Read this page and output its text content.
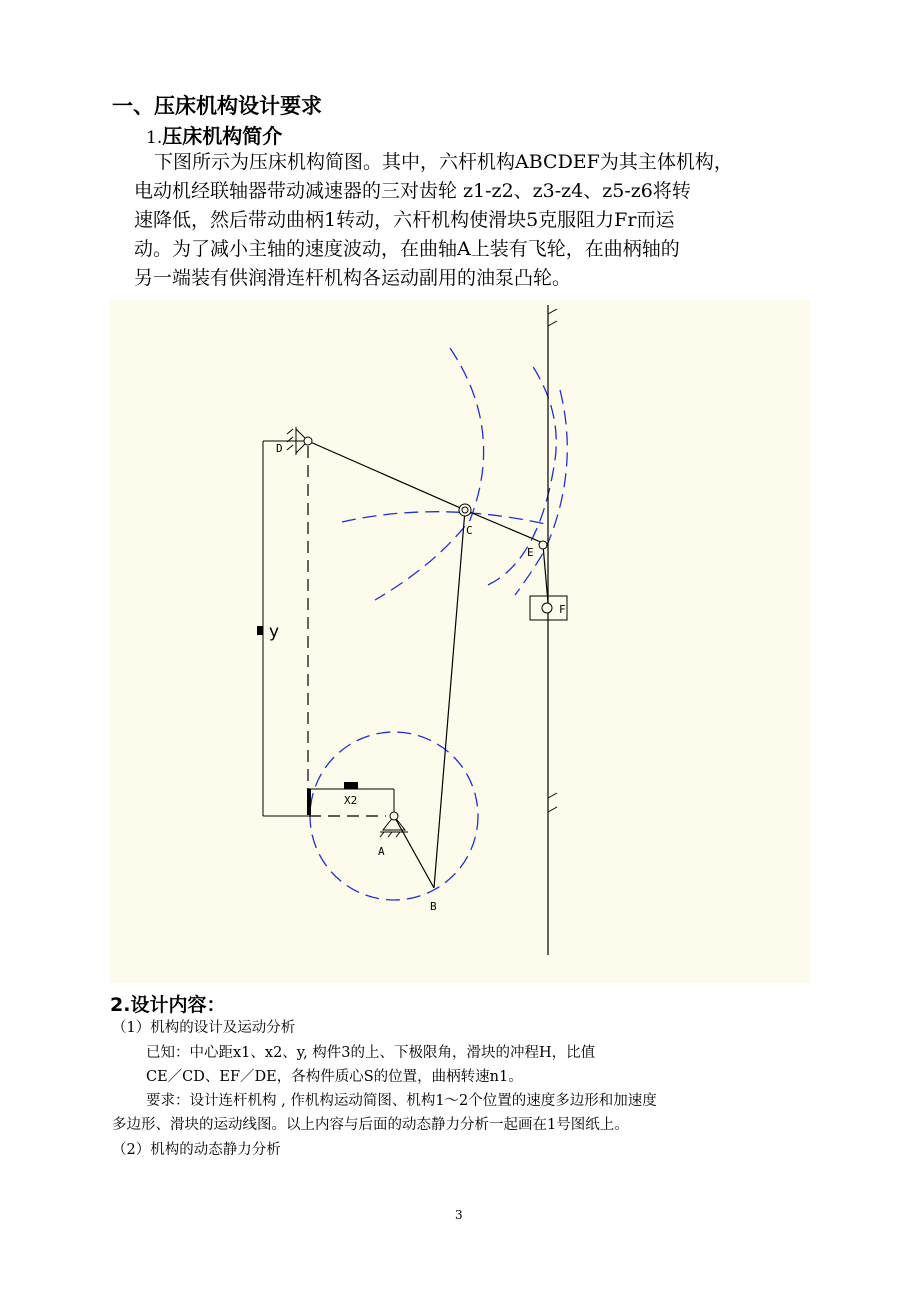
一、压床机构设计要求
1.压床机构简介
下图所示为压床机构简图。其中，六杆机构ABCDEF为其主体机构，
电动机经联轴器带动减速器的三对齿轮 z1-z2、z3-z4、z5-z6将转
速降低，然后带动曲柄1转动，六杆机构使滑块5克服阻力Fr而运
动。为了减小主轴的速度波动，在曲轴A上装有飞轮，在曲柄轴的
另一端装有供润滑连杆机构各运动副用的油泵凸轮。
D
C
E
F
A
B
X2
y
2.设计内容：
（1）机构的设计及运动分析
已知：中心距x1、x2、y, 构件3的上、下极限角，滑块的冲程H，比值
CE／CD、EF／DE，各构件质心S的位置，曲柄转速n1。
要求：设计连杆机构 , 作机构运动简图、机构1～2个位置的速度多边形和加速度
多边形、滑块的运动线图。以上内容与后面的动态静力分析一起画在1号图纸上。
（2）机构的动态静力分析
3
